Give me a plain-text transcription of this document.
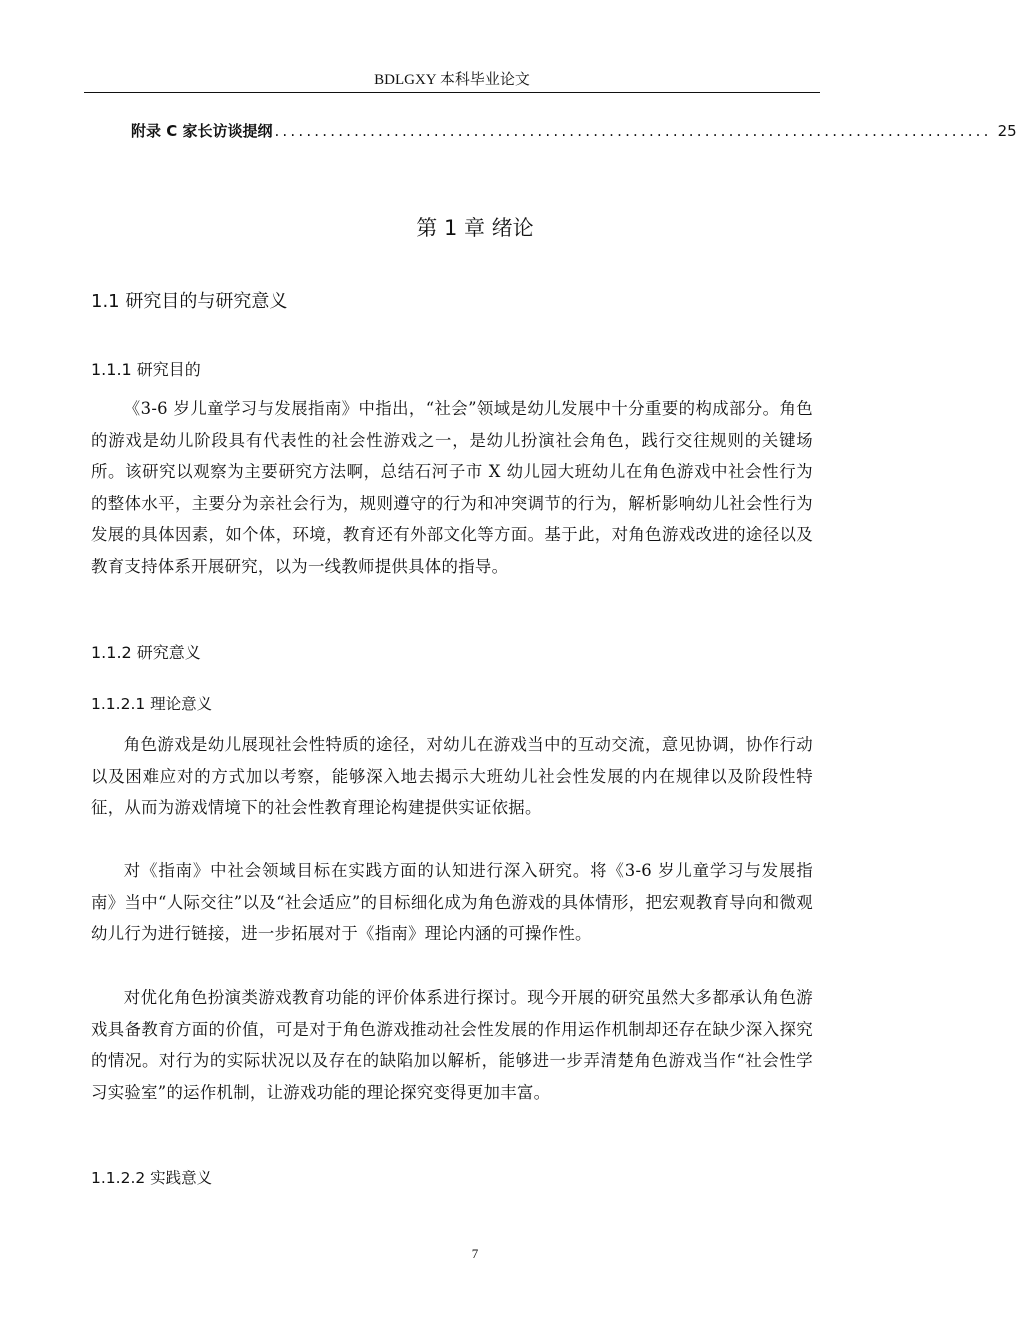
BDLGXY 本科毕业论文
附录 C 家长访谈提纲 .......................................................................................... 25
第 1 章 绪论
1.1 研究目的与研究意义
1.1.1 研究目的

《3-6 岁儿童学习与发展指南》中指出，“社会”领域是幼儿发展中十分重要的构成部分。角色的游戏是幼儿阶段具有代表性的社会性游戏之一，是幼儿扮演社会角色，践行交往规则的关键场所。该研究以观察为主要研究方法啊，总结石河子市 X 幼儿园大班幼儿在角色游戏中社会性行为的整体水平，主要分为亲社会行为，规则遵守的行为和冲突调节的行为，解析影响幼儿社会性行为发展的具体因素，如个体，环境，教育还有外部文化等方面。基于此，对角色游戏改进的途径以及教育支持体系开展研究，以为一线教师提供具体的指导。

1.1.2 研究意义
1.1.2.1 理论意义

角色游戏是幼儿展现社会性特质的途径，对幼儿在游戏当中的互动交流，意见协调，协作行动以及困难应对的方式加以考察，能够深入地去揭示大班幼儿社会性发展的内在规律以及阶段性特征，从而为游戏情境下的社会性教育理论构建提供实证依据。

对《指南》中社会领域目标在实践方面的认知进行深入研究。将《3-6 岁儿童学习与发展指南》当中“人际交往”以及“社会适应”的目标细化成为角色游戏的具体情形，把宏观教育导向和微观幼儿行为进行链接，进一步拓展对于《指南》理论内涵的可操作性。

对优化角色扮演类游戏教育功能的评价体系进行探讨。现今开展的研究虽然大多都承认角色游戏具备教育方面的价值，可是对于角色游戏推动社会性发展的作用运作机制却还存在缺少深入探究的情况。对行为的实际状况以及存在的缺陷加以解析，能够进一步弄清楚角色游戏当作“社会性学习实验室”的运作机制，让游戏功能的理论探究变得更加丰富。

1.1.2.2 实践意义
7
